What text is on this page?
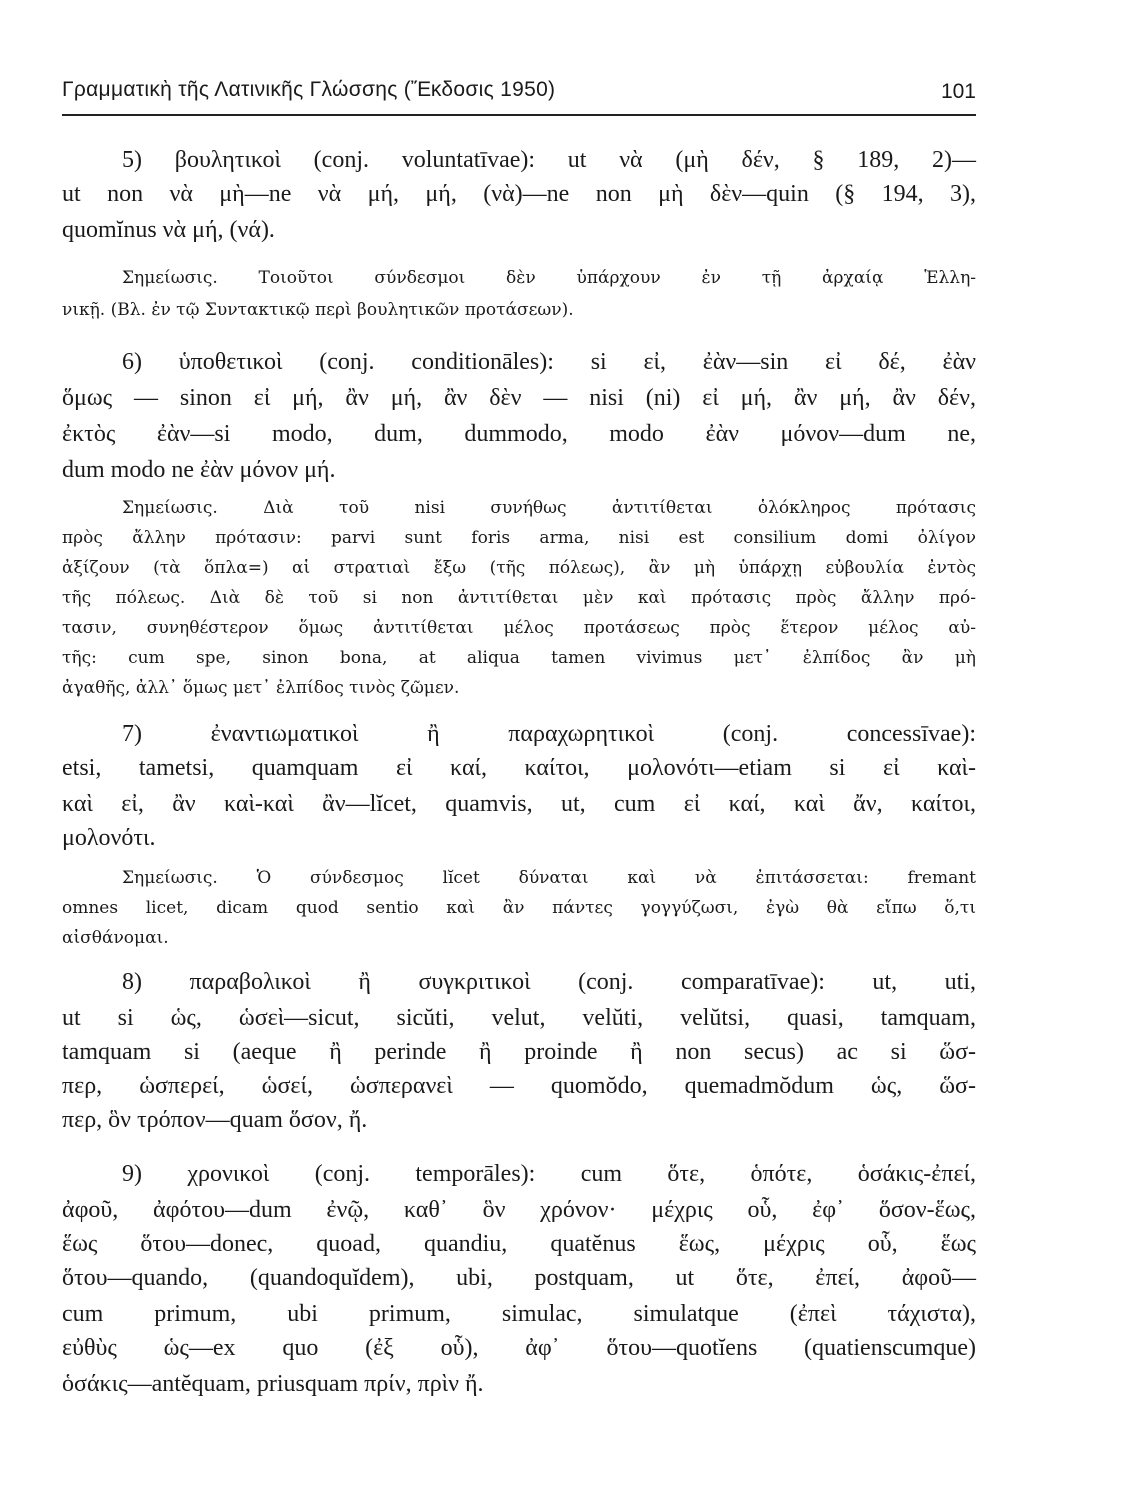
Γραμματικὴ τῆς Λατινικῆς Γλώσσης (Ἔκδοσις 1950)	101
5) βουλητικοὶ (conj. voluntatīvae): ut νὰ (μὴ δέν, § 189, 2)—
ut non νὰ μὴ—ne νὰ μή, μή, (νὰ)—ne non μὴ δὲν—quin (§ 194, 3),
quomĭnus νὰ μή, (νά).
Σημείωσις. Τοιοῦτοι σύνδεσμοι δὲν ὑπάρχουν ἐν τῇ ἀρχαίᾳ Ἑλλη-
νικῇ. (Βλ. ἐν τῷ Συντακτικῷ περὶ βουλητικῶν προτάσεων).
6) ὑποθετικοὶ (conj. conditionāles): si εἰ, ἐὰν—sin εἰ δέ, ἐὰν
ὅμως — sinon εἰ μή, ἂν μή, ἂν δὲν — nisi (ni) εἰ μή, ἂν μή, ἂν δέν,
ἐκτὸς ἐὰν—si modo, dum, dummodo, modo ἐὰν μόνον—dum ne,
dum modo ne ἐὰν μόνον μή.
Σημείωσις. Διὰ τοῦ nisi συνήθως ἀντιτίθεται ὁλόκληρος πρότασις
πρὸς ἄλλην πρότασιν: parvi sunt foris arma, nisi est consilium domi ὀλίγον
ἀξίζουν (τὰ ὅπλα=) αἱ στρατιαὶ ἔξω (τῆς πόλεως), ἂν μὴ ὑπάρχῃ εὐβουλία ἐντὸς
τῆς πόλεως. Διὰ δὲ τοῦ si non ἀντιτίθεται μὲν καὶ πρότασις πρὸς ἄλλην πρό-
τασιν, συνηθέστερον ὅμως ἀντιτίθεται μέλος προτάσεως πρὸς ἕτερον μέλος αὐ-
τῆς: cum spe, sinon bona, at aliqua tamen vivimus μετ᾽ ἐλπίδος ἂν μὴ
ἀγαθῆς, ἀλλ᾽ ὅμως μετ᾽ ἐλπίδος τινὸς ζῶμεν.
7) ἐναντιωματικοὶ ἢ παραχωρητικοὶ (conj. concessīvae):
etsi, tametsi, quamquam εἰ καί, καίτοι, μολονότι—etiam si εἰ καὶ-
καὶ εἰ, ἂν καὶ-καὶ ἂν—lĭcet, quamvis, ut, cum εἰ καί, καὶ ἄν, καίτοι,
μολονότι.
Σημείωσις. Ὁ σύνδεσμος lĭcet δύναται καὶ νὰ ἐπιτάσσεται: fremant
omnes licet, dicam quod sentio καὶ ἂν πάντες γογγύζωσι, ἐγὼ θὰ εἴπω ὅ,τι
αἰσθάνομαι.
8) παραβολικοὶ ἢ συγκριτικοὶ (conj. comparatīvae): ut, uti,
ut si ὡς, ὡσεὶ—sicut, sicŭti, velut, velŭti, velŭtsi, quasi, tamquam,
tamquam si (aeque ἢ perinde ἢ proinde ἢ non secus) ac si ὥσ-
περ, ὡσπερεί, ὡσεί, ὡσπερανεὶ — quomŏdo, quemadmŏdum ὡς, ὥσ-
περ, ὃν τρόπον—quam ὅσον, ἤ.
9) χρονικοὶ (conj. temporāles): cum ὅτε, ὁπότε, ὁσάκις-ἐπεί,
ἀφοῦ, ἀφότου—dum ἐνῷ, καθ᾽ ὃν χρόνον· μέχρις οὗ, ἐφ᾽ ὅσον-ἕως,
ἕως ὅτου—donec, quoad, quandiu, quatĕnus ἕως, μέχρις οὗ, ἕως
ὅτου—quando, (quandoquĭdem), ubi, postquam, ut ὅτε, ἐπεί, ἀφοῦ—
cum primum, ubi primum, simulac, simulatque (ἐπεὶ τάχιστα),
εὐθὺς ὡς—ex quo (ἐξ οὗ), ἀφ᾽ ὅτου—quotĭens (quatienscumque)
ὁσάκις—antĕquam, priusquam πρίν, πρὶν ἤ.
